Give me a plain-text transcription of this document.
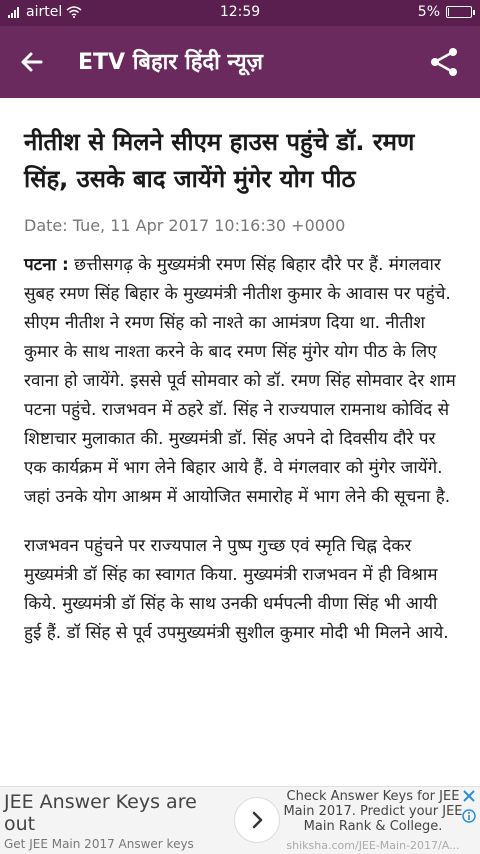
airtel	12:59	5%
ETV बिहार हिंदी न्यूज़
नीतीश से मिलने सीएम हाउस पहुंचे डॉ. रमण सिंह, उसके बाद जायेंगे मुंगेर योग पीठ
Date: Tue, 11 Apr 2017 10:16:30 +0000

पटना : छत्तीसगढ़ के मुख्यमंत्री रमण सिंह बिहार दौरे पर हैं. मंगलवार सुबह रमण सिंह बिहार के मुख्यमंत्री नीतीश कुमार के आवास पर पहुंचे. सीएम नीतीश ने रमण सिंह को नाश्ते का आमंत्रण दिया था. नीतीश कुमार के साथ नाश्ता करने के बाद रमण सिंह मुंगेर योग पीठ के लिए रवाना हो जायेंगे. इससे पूर्व सोमवार को डॉ. रमण सिंह सोमवार देर शाम पटना पहुंचे. राजभवन में ठहरे डॉ. सिंह ने राज्यपाल रामनाथ कोविंद से शिष्टाचार मुलाकात की. मुख्यमंत्री डॉ. सिंह अपने दो दिवसीय दौरे पर एक कार्यक्रम में भाग लेने बिहार आये हैं. वे मंगलवार को मुंगेर जायेंगे. जहां उनके योग आश्रम में आयोजित समारोह में भाग लेने की सूचना है.

राजभवन पहुंचने पर राज्यपाल ने पुष्प गुच्छ एवं स्मृति चिह्न देकर मुख्यमंत्री डॉ सिंह का स्वागत किया. मुख्यमंत्री राजभवन में ही विश्राम किये. मुख्यमंत्री डॉ सिंह के साथ उनकी धर्मपत्नी वीणा सिंह भी आयी हुई हैं. डॉ सिंह से पूर्व उपमुख्यमंत्री सुशील कुमार मोदी भी मिलने आये.

JEE Answer Keys are out
Get JEE Main 2017 Answer keys
Check Answer Keys for JEE Main 2017. Predict your JEE Main Rank & College.
shiksha.com/JEE-Main-2017/A...
